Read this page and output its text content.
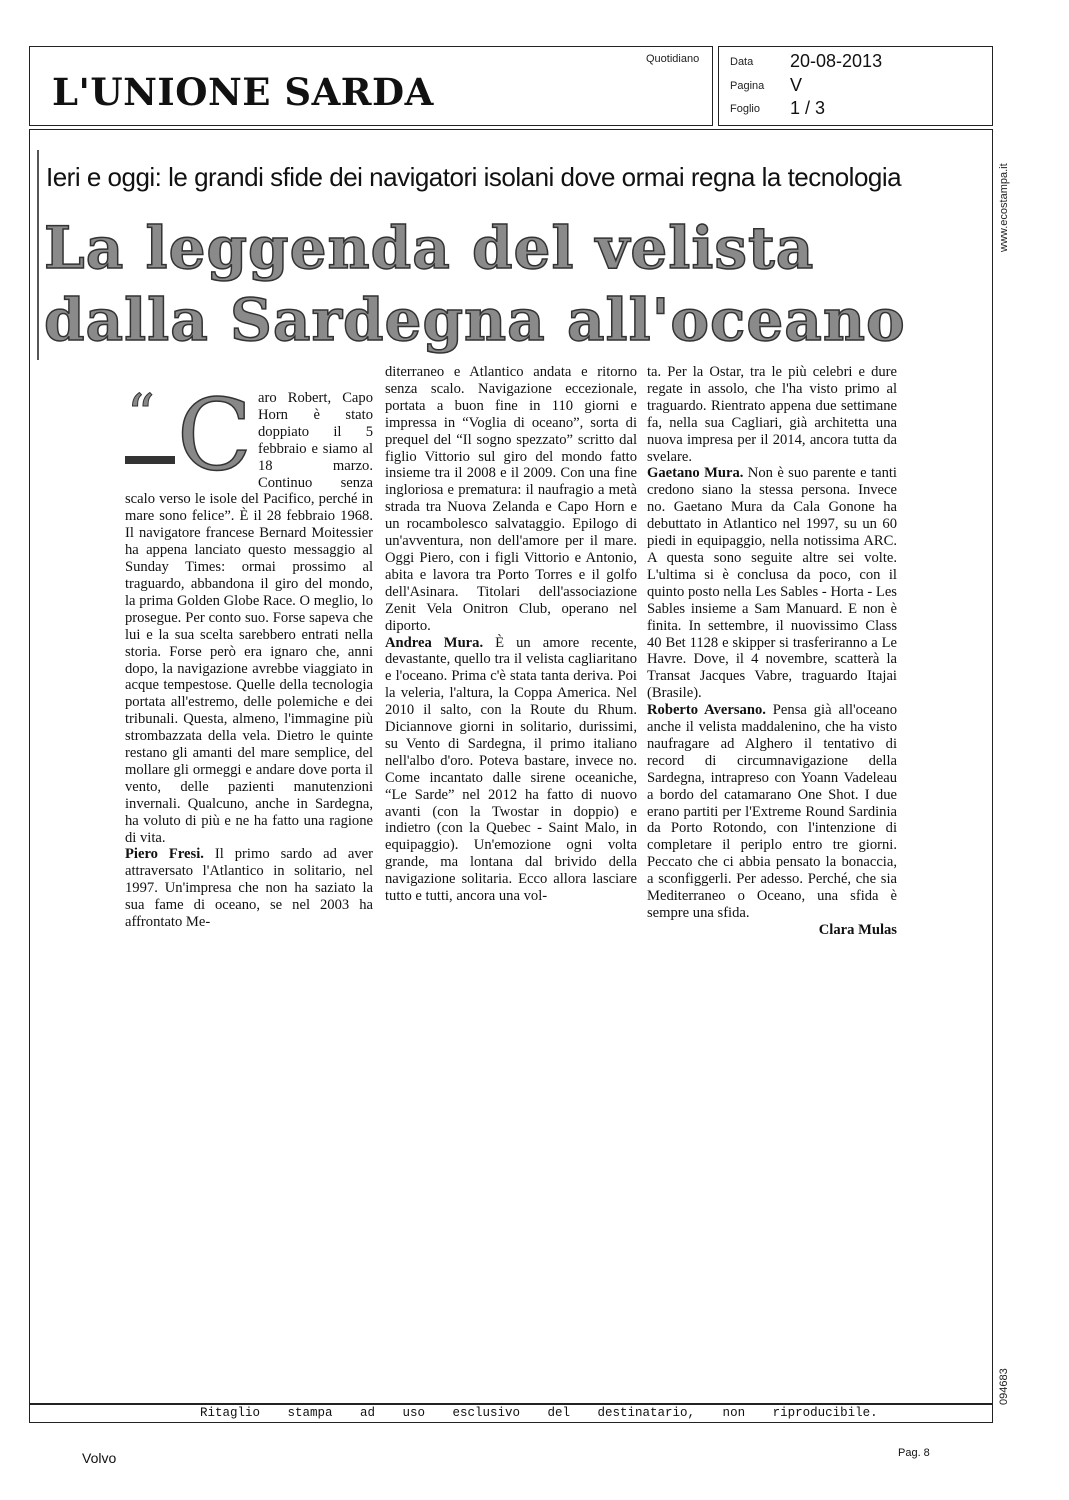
L'UNIONE SARDA
Quotidiano	Data 20-08-2013
Pagina V
Foglio 1 / 3
www.ecostampa.it
094683
Ieri e oggi: le grandi sfide dei navigatori isolani dove ormai regna la tecnologia
La leggenda del velista
dalla Sardegna all'oceano

“ C aro Robert, Capo Horn è stato doppiato il 5 febbraio e siamo al 18 marzo. Continuo senza scalo verso le isole del Pacifico, perché in mare sono felice”. È il 28 febbraio 1968. Il navigatore francese Bernard Moitessier ha appena lanciato questo messaggio al Sunday Times: ormai prossimo al traguardo, abbandona il giro del mondo, la prima Golden Globe Race. O meglio, lo prosegue. Per conto suo. Forse sapeva che lui e la sua scelta sarebbero entrati nella storia. Forse però era ignaro che, anni dopo, la navigazione avrebbe viaggiato in acque tempestose. Quelle della tecnologia portata all'estremo, delle polemiche e dei tribunali. Questa, almeno, l'immagine più strombazzata della vela. Dietro le quinte restano gli amanti del mare semplice, del mollare gli ormeggi e andare dove porta il vento, delle pazienti manutenzioni invernali. Qualcuno, anche in Sardegna, ha voluto di più e ne ha fatto una ragione di vita.

Piero Fresi. Il primo sardo ad aver attraversato l'Atlantico in solitario, nel 1997. Un'impresa che non ha saziato la sua fame di oceano, se nel 2003 ha affrontato Me-

diterraneo e Atlantico andata e ritorno senza scalo. Navigazione eccezionale, portata a buon fine in 110 giorni e impressa in “Voglia di oceano”, sorta di prequel del “Il sogno spezzato” scritto dal figlio Vittorio sul giro del mondo fatto insieme tra il 2008 e il 2009. Con una fine ingloriosa e prematura: il naufragio a metà strada tra Nuova Zelanda e Capo Horn e un rocambolesco salvataggio. Epilogo di un'avventura, non dell'amore per il mare. Oggi Piero, con i figli Vittorio e Antonio, abita e lavora tra Porto Torres e il golfo dell'Asinara. Titolari dell'associazione Zenit Vela Onitron Club, operano nel diporto.

Andrea Mura. È un amore recente, devastante, quello tra il velista cagliaritano e l'oceano. Prima c'è stata tanta deriva. Poi la veleria, l'altura, la Coppa America. Nel 2010 il salto, con la Route du Rhum. Diciannove giorni in solitario, durissimi, su Vento di Sardegna, il primo italiano nell'albo d'oro. Poteva bastare, invece no. Come incantato dalle sirene oceaniche, “Le Sarde” nel 2012 ha fatto di nuovo avanti (con la Twostar in doppio) e indietro (con la Quebec - Saint Malo, in equipaggio). Un'emozione ogni volta grande, ma lontana dal brivido della navigazione solitaria. Ecco allora lasciare tutto e tutti, ancora una vol-

ta. Per la Ostar, tra le più celebri e dure regate in assolo, che l'ha visto primo al traguardo. Rientrato appena due settimane fa, nella sua Cagliari, già architetta una nuova impresa per il 2014, ancora tutta da svelare.

Gaetano Mura. Non è suo parente e tanti credono siano la stessa persona. Invece no. Gaetano Mura da Cala Gonone ha debuttato in Atlantico nel 1997, su un 60 piedi in equipaggio, nella notissima ARC. A questa sono seguite altre sei volte. L'ultima si è conclusa da poco, con il quinto posto nella Les Sables - Horta - Les Sables insieme a Sam Manuard. E non è finita. In settembre, il nuovissimo Class 40 Bet 1128 e skipper si trasferiranno a Le Havre. Dove, il 4 novembre, scatterà la Transat Jacques Vabre, traguardo Itajai (Brasile).

Roberto Aversano. Pensa già all'oceano anche il velista maddalenino, che ha visto naufragare ad Alghero il tentativo di record di circumnavigazione della Sardegna, intrapreso con Yoann Vadeleau a bordo del catamarano One Shot. I due erano partiti per l'Extreme Round Sardinia da Porto Rotondo, con l'intenzione di completare il periplo entro tre giorni. Peccato che ci abbia pensato la bonaccia, a sconfiggerli. Per adesso. Perché, che sia Mediterraneo o Oceano, una sfida è sempre una sfida.

Clara Mulas

Ritaglio stampa ad uso esclusivo del destinatario, non riproducibile.
Volvo	Pag. 8
